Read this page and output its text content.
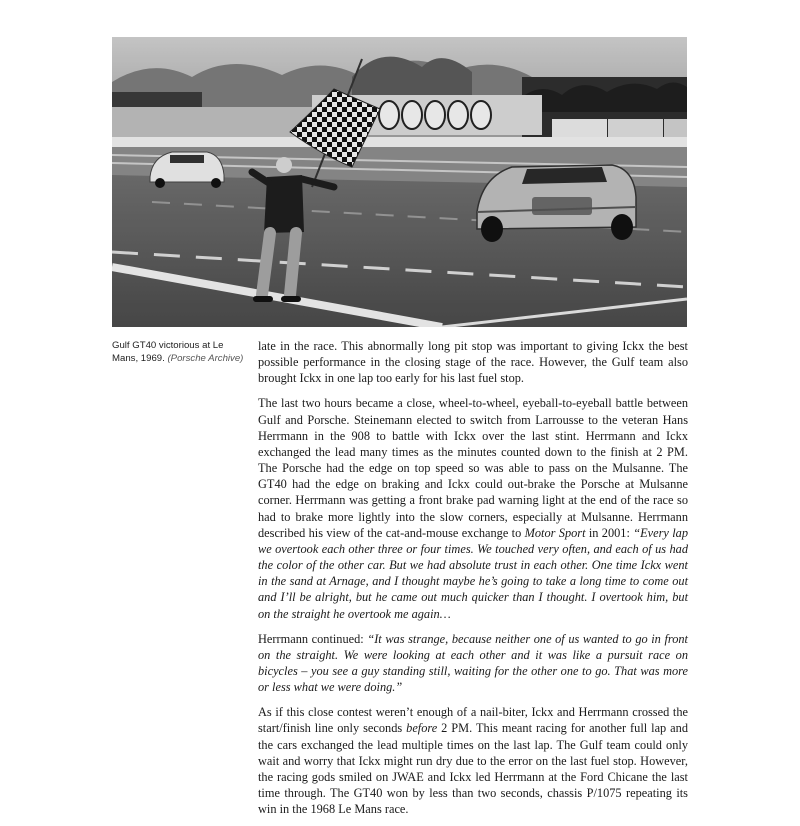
Gulf GT40 victorious at Le Mans, 1969. (Porsche Archive)

late in the race. This abnormally long pit stop was important to giving Ickx the best possible performance in the closing stage of the race. However, the Gulf team also brought Ickx in one lap too early for his last fuel stop.

The last two hours became a close, wheel-to-wheel, eyeball-to-eyeball battle between Gulf and Porsche. Steinemann elected to switch from Larrousse to the veteran Hans Herrmann in the 908 to battle with Ickx over the last stint. Herrmann and Ickx exchanged the lead many times as the minutes counted down to the finish at 2 PM. The Porsche had the edge on top speed so was able to pass on the Mulsanne. The GT40 had the edge on braking and Ickx could out-brake the Porsche at Mulsanne corner. Herrmann was getting a front brake pad warning light at the end of the race so had to brake more lightly into the slow corners, especially at Mulsanne. Herrmann described his view of the cat-and-mouse exchange to Motor Sport in 2001: “Every lap we overtook each other three or four times. We touched very often, and each of us had the color of the other car. But we had absolute trust in each other. One time Ickx went in the sand at Arnage, and I thought maybe he’s going to take a long time to come out and I’ll be alright, but he came out much quicker than I thought. I overtook him, but on the straight he overtook me again…

Herrmann continued: “It was strange, because neither one of us wanted to go in front on the straight. We were looking at each other and it was like a pursuit race on bicycles – you see a guy standing still, waiting for the other one to go. That was more or less what we were doing.”

As if this close contest weren’t enough of a nail-biter, Ickx and Herrmann crossed the start/finish line only seconds before 2 PM. This meant racing for another full lap and the cars exchanged the lead multiple times on the last lap. The Gulf team could only wait and worry that Ickx might run dry due to the error on the last fuel stop. However, the racing gods smiled on JWAE and Ickx led Herrmann at the Ford Chicane the last time through. The GT40 won by less than two seconds, chassis P/1075 repeating its win in the 1968 Le Mans race.
